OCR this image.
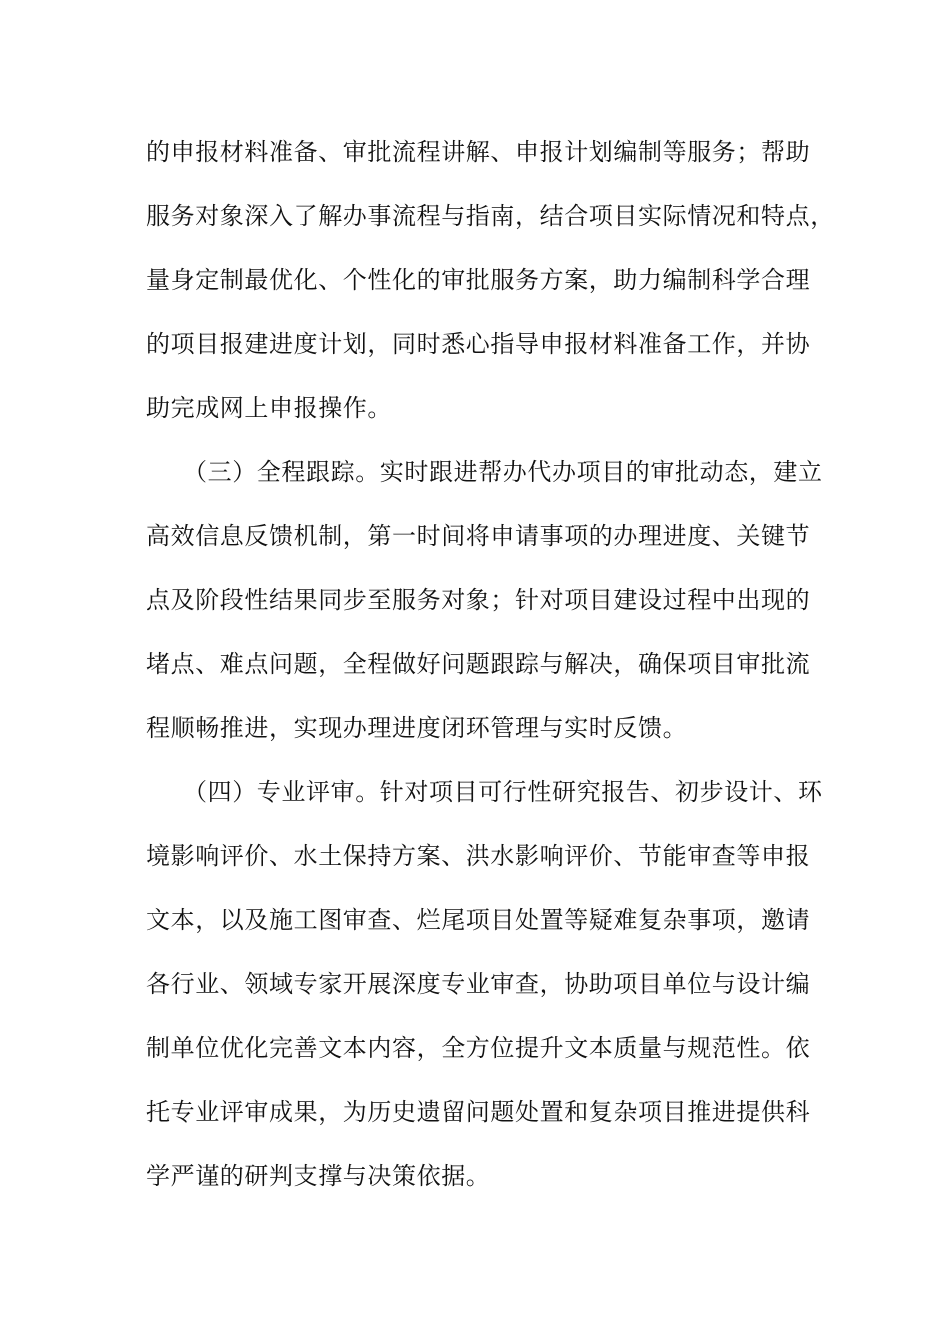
的申报材料准备、审批流程讲解、申报计划编制等服务；帮助
服务对象深入了解办事流程与指南，结合项目实际情况和特点，
量身定制最优化、个性化的审批服务方案，助力编制科学合理
的项目报建进度计划，同时悉心指导申报材料准备工作，并协
助完成网上申报操作。
（三）全程跟踪。实时跟进帮办代办项目的审批动态，建立
高效信息反馈机制，第一时间将申请事项的办理进度、关键节
点及阶段性结果同步至服务对象；针对项目建设过程中出现的
堵点、难点问题，全程做好问题跟踪与解决，确保项目审批流
程顺畅推进，实现办理进度闭环管理与实时反馈。
（四）专业评审。针对项目可行性研究报告、初步设计、环
境影响评价、水土保持方案、洪水影响评价、节能审查等申报
文本，以及施工图审查、烂尾项目处置等疑难复杂事项，邀请
各行业、领域专家开展深度专业审查，协助项目单位与设计编
制单位优化完善文本内容，全方位提升文本质量与规范性。依
托专业评审成果，为历史遗留问题处置和复杂项目推进提供科
学严谨的研判支撑与决策依据。
